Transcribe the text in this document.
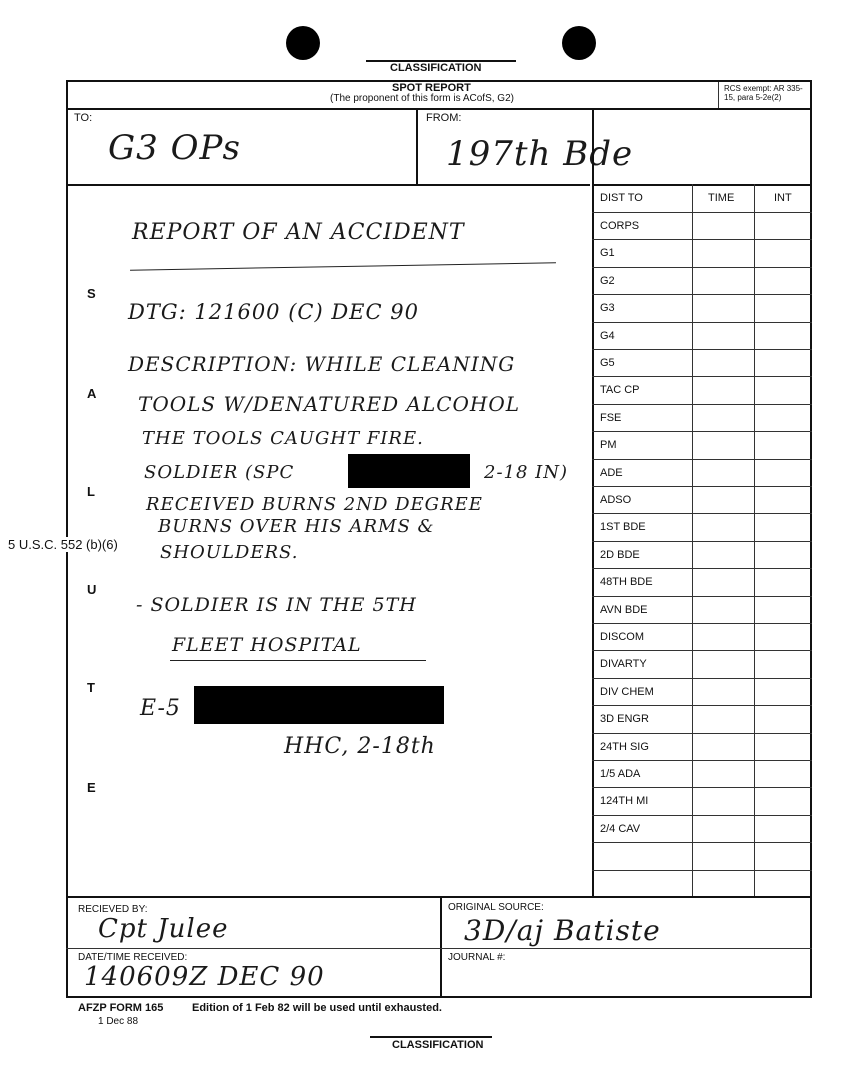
CLASSIFICATION
SPOT REPORT
(The proponent of this form is ACofS, G2)
RCS exempt: AR 335-15, para 5-2e(2)
TO:
G3 OPs
FROM:
197th Bde
DIST TO	TIME	INT
CORPS
G1
G2
G3
G4
G5
TAC CP
FSE
PM
ADE
ADSO
1ST BDE
2D BDE
48TH BDE
AVN BDE
DISCOM
DIVARTY
DIV CHEM
3D ENGR
24TH SIG
1/5 ADA
124TH MI
2/4 CAV
S
A
L
U
T
E
REPORT OF AN ACCIDENT
DTG: 121600 (C) DEC 90
DESCRIPTION: WHILE CLEANING
TOOLS W/DENATURED ALCOHOL
THE TOOLS CAUGHT FIRE.
SOLDIER (SPC	2-18 IN)
RECEIVED BURNS 2ND DEGREE
BURNS OVER HIS ARMS &
SHOULDERS.
5 U.S.C. 552 (b)(6)
- SOLDIER IS IN THE 5TH
FLEET HOSPITAL
E-5
HHC, 2-18th
RECIEVED BY:
Cpt Julee
ORIGINAL SOURCE:
3D/aj Batiste
DATE/TIME RECEIVED:
140609Z DEC 90
JOURNAL #:
AFZP FORM 165	Edition of 1 Feb 82 will be used until exhausted.
1 Dec 88
CLASSIFICATION
